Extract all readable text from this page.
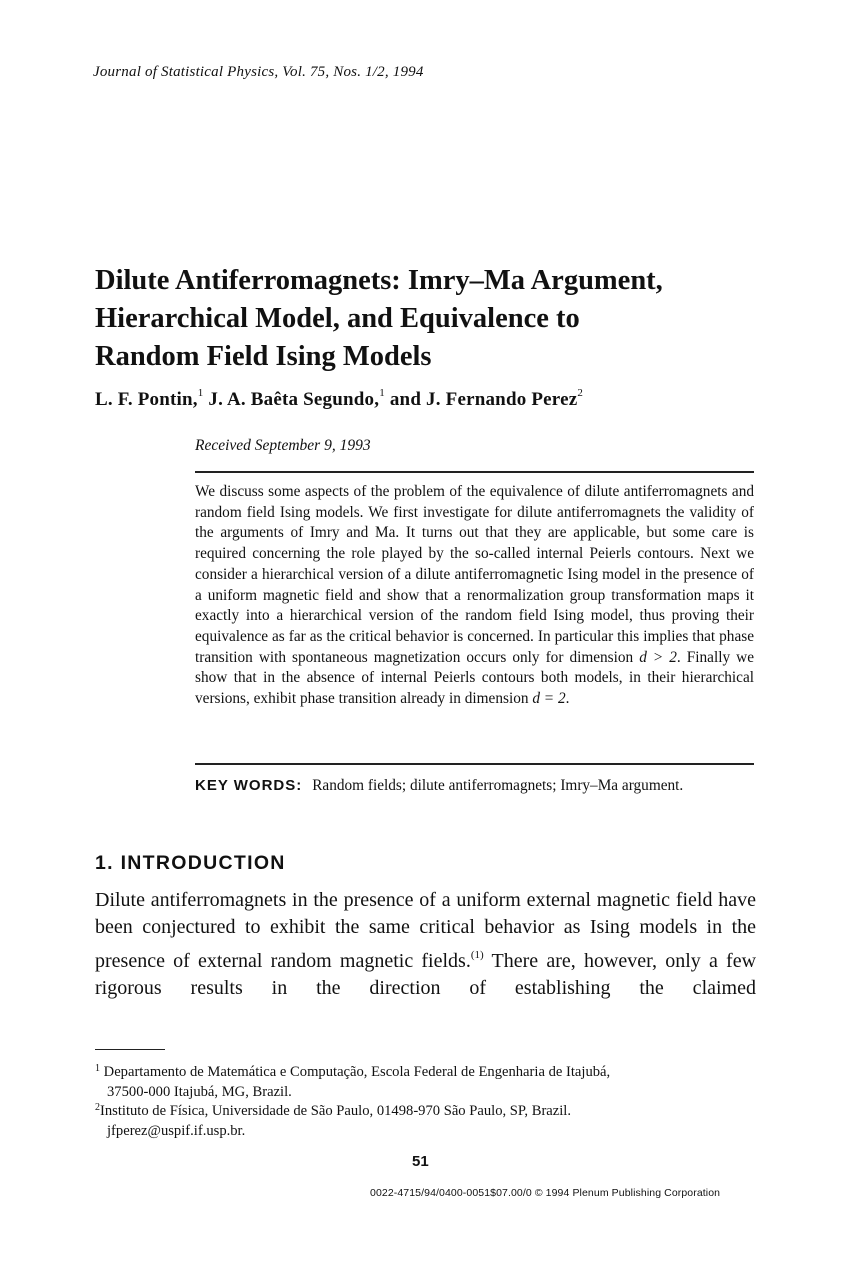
Journal of Statistical Physics, Vol. 75, Nos. 1/2, 1994
Dilute Antiferromagnets: Imry–Ma Argument,
Hierarchical Model, and Equivalence to
Random Field Ising Models
L. F. Pontin,$^1$ J. A. Baêta Segundo,$^1$ and J. Fernando Perez$^2$
Received September 9, 1993
We discuss some aspects of the problem of the equivalence of dilute antiferromagnets and random field Ising models. We first investigate for dilute antiferromagnets the validity of the arguments of Imry and Ma. It turns out that they are applicable, but some care is required concerning the role played by the so-called internal Peierls contours. Next we consider a hierarchical version of a dilute antiferromagnetic Ising model in the presence of a uniform magnetic field and show that a renormalization group transformation maps it exactly into a hierarchical version of the random field Ising model, thus proving their equivalence as far as the critical behavior is concerned. In particular this implies that phase transition with spontaneous magnetization occurs only for dimension d > 2. Finally we show that in the absence of internal Peierls contours both models, in their hierarchical versions, exhibit phase transition already in dimension d = 2.
KEY WORDS: Random fields; dilute antiferromagnets; Imry–Ma argument.
1. INTRODUCTION
Dilute antiferromagnets in the presence of a uniform external magnetic field have been conjectured to exhibit the same critical behavior as Ising models in the presence of external random magnetic fields.$^{(1)}$ There are, however, only a few rigorous results in the direction of establishing the claimed
$^1$ Departamento de Matemática e Computação, Escola Federal de Engenharia de Itajubá,
37500-000 Itajubá, MG, Brazil.
$^2$Instituto de Física, Universidade de São Paulo, 01498-970 São Paulo, SP, Brazil.
jfperez@uspif.if.usp.br.
51
0022-4715/94/0400-0051$07.00/0 © 1994 Plenum Publishing Corporation
